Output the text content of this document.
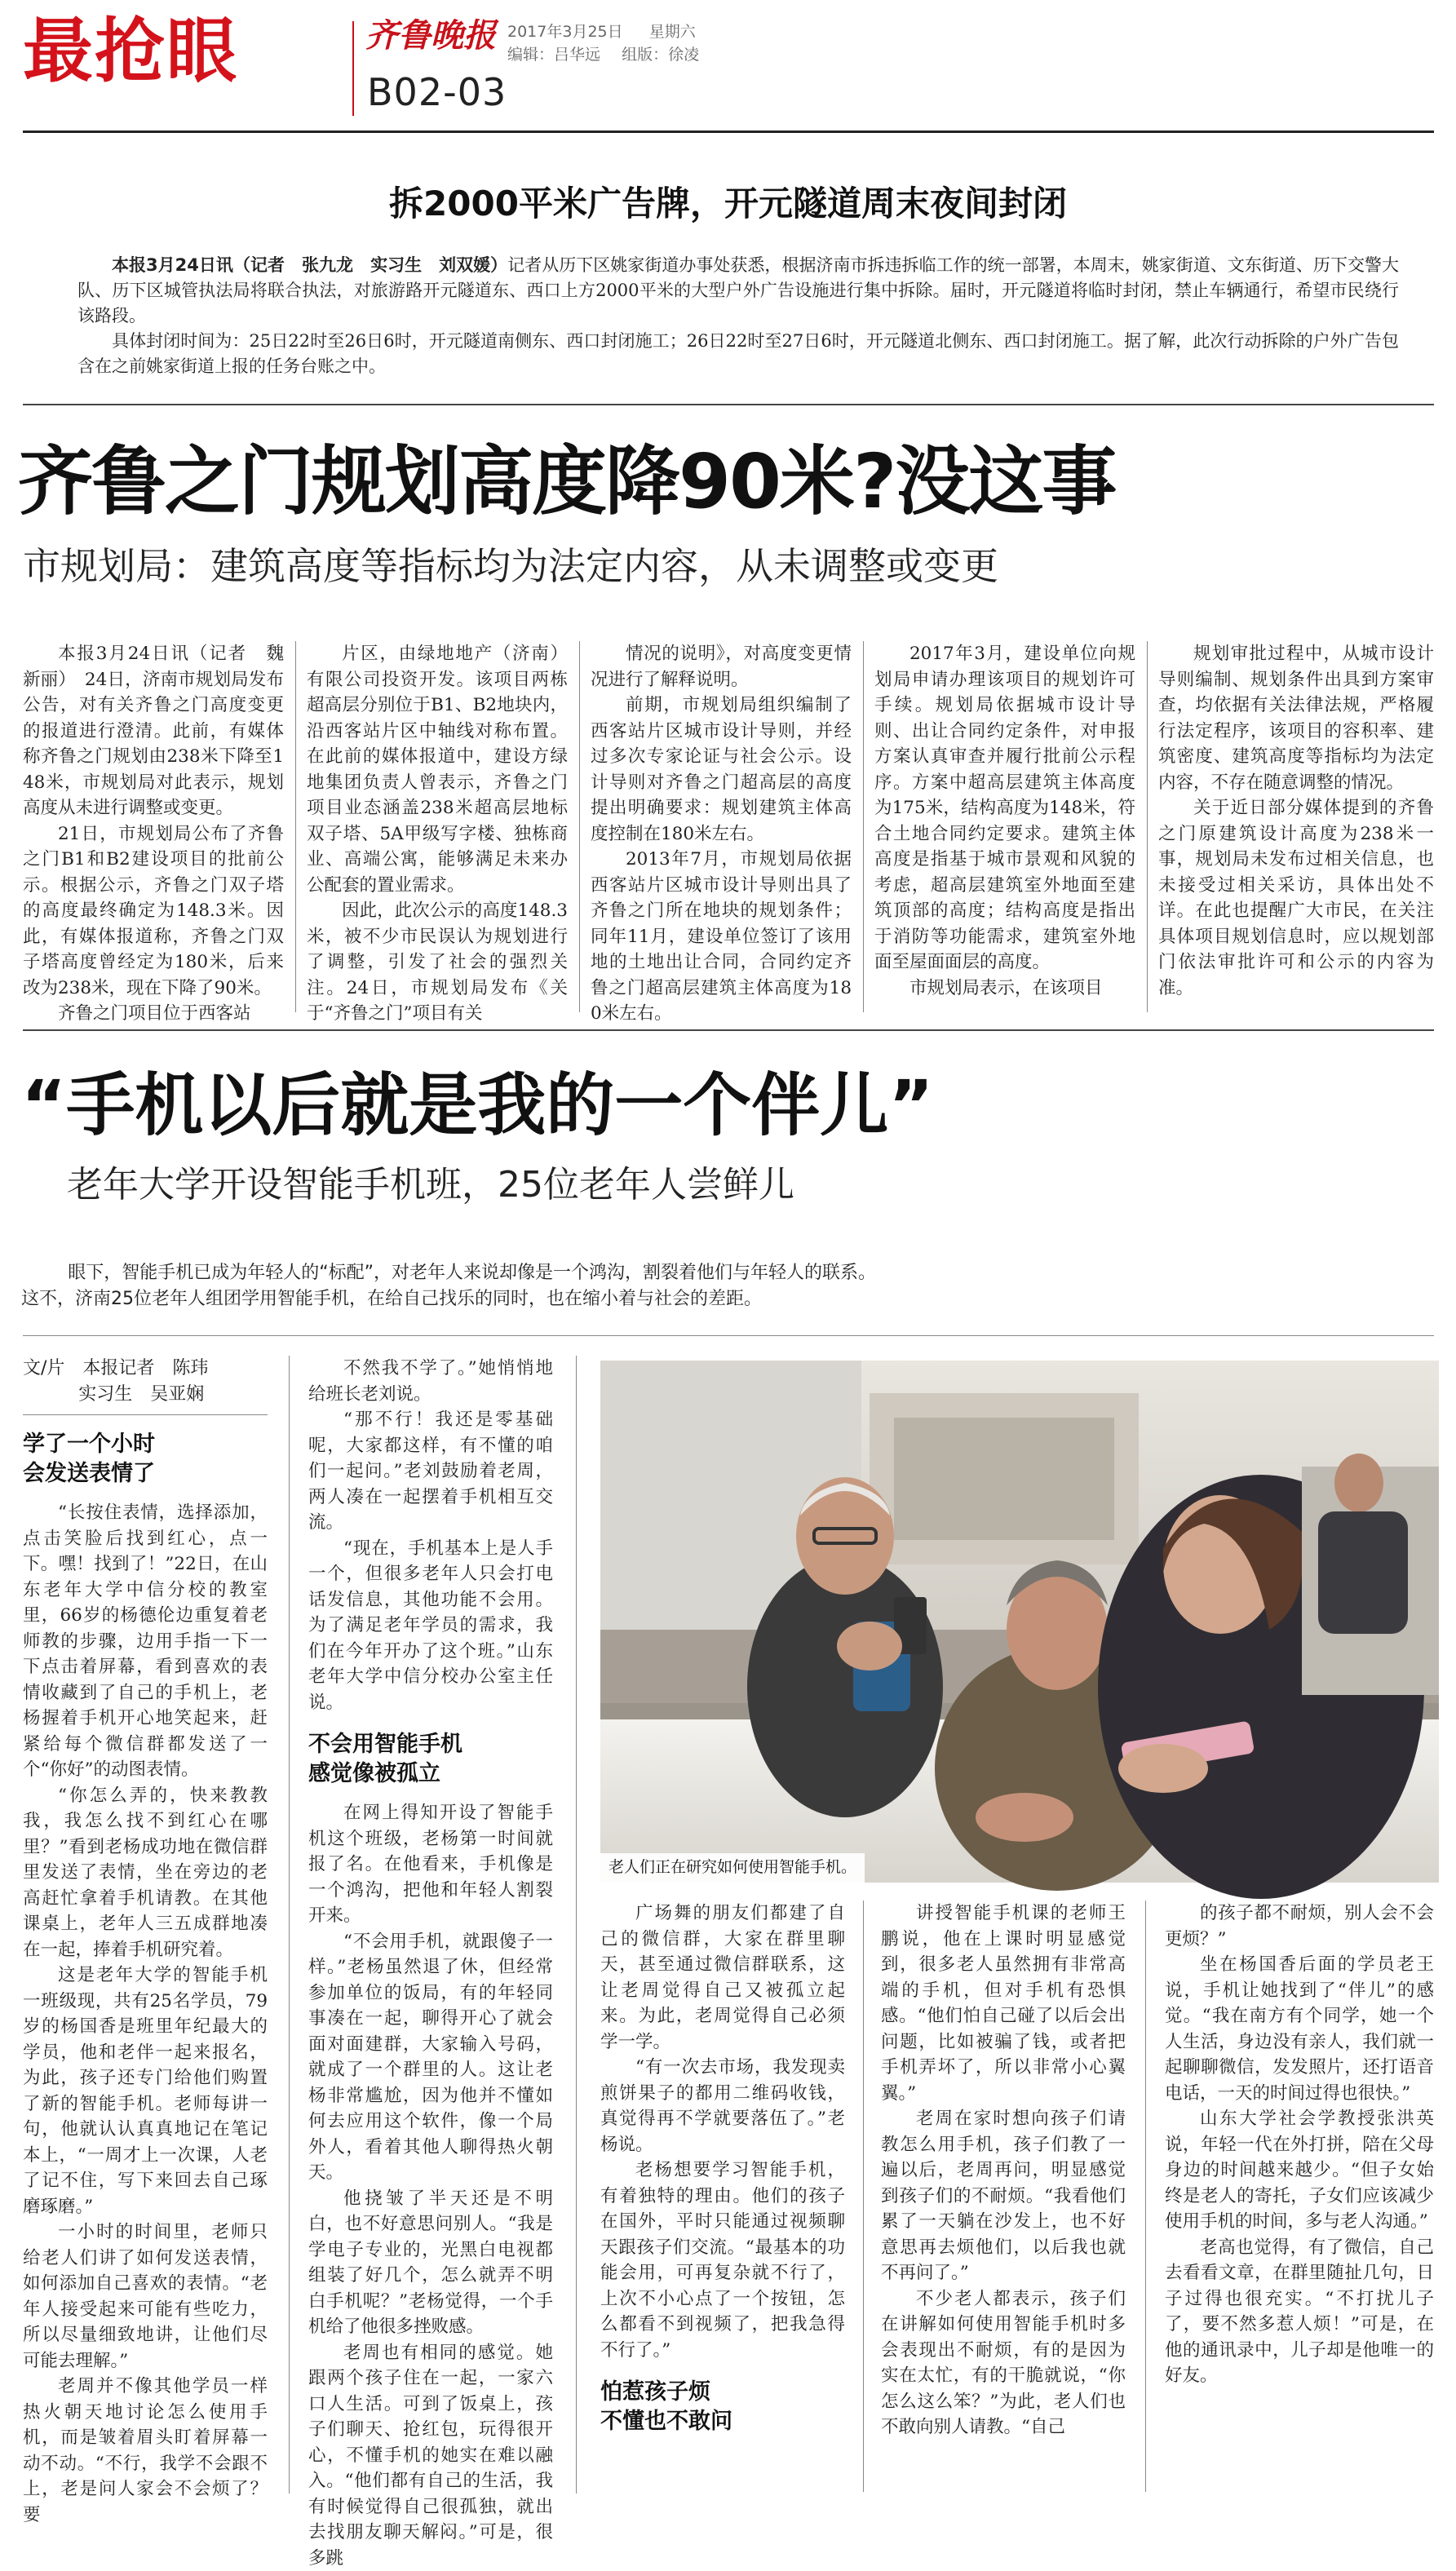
最抢眼	齐鲁晚报 2017年3月25日 星期六
编辑：吕华远 组版：徐凌
B02-03
拆2000平米广告牌，开元隧道周末夜间封闭
本报3月24日讯（记者　张九龙　实习生　刘双媛）记者从历下区姚家街道办事处获悉，根据济南市拆违拆临工作的统一部署，本周末，姚家街道、文东街道、历下交警大队、历下区城管执法局将联合执法，对旅游路开元隧道东、西口上方2000平米的大型户外广告设施进行集中拆除。届时，开元隧道将临时封闭，禁止车辆通行，希望市民绕行该路段。
具体封闭时间为：25日22时至26日6时，开元隧道南侧东、西口封闭施工；26日22时至27日6时，开元隧道北侧东、西口封闭施工。据了解，此次行动拆除的户外广告包含在之前姚家街道上报的任务台账之中。
齐鲁之门规划高度降90米?没这事
市规划局：建筑高度等指标均为法定内容，从未调整或变更

本报3月24日讯（记者　魏新丽）　24日，济南市规划局发布公告，对有关齐鲁之门高度变更的报道进行澄清。此前，有媒体称齐鲁之门规划由238米下降至148米，市规划局对此表示，规划高度从未进行调整或变更。

21日，市规划局公布了齐鲁之门B1和B2建设项目的批前公示。根据公示，齐鲁之门双子塔的高度最终确定为148.3米。因此，有媒体报道称，齐鲁之门双子塔高度曾经定为180米，后来改为238米，现在下降了90米。

齐鲁之门项目位于西客站

片区，由绿地地产（济南）有限公司投资开发。该项目两栋超高层分别位于B1、B2地块内，沿西客站片区中轴线对称布置。在此前的媒体报道中，建设方绿地集团负责人曾表示，齐鲁之门项目业态涵盖238米超高层地标双子塔、5A甲级写字楼、独栋商业、高端公寓，能够满足未来办公配套的置业需求。

因此，此次公示的高度148.3米，被不少市民误认为规划进行了调整，引发了社会的强烈关注。24日，市规划局发布《关于“齐鲁之门”项目有关

情况的说明》，对高度变更情况进行了解释说明。

前期，市规划局组织编制了西客站片区城市设计导则，并经过多次专家论证与社会公示。设计导则对齐鲁之门超高层的高度提出明确要求：规划建筑主体高度控制在180米左右。

2013年7月，市规划局依据西客站片区城市设计导则出具了齐鲁之门所在地块的规划条件；同年11月，建设单位签订了该用地的土地出让合同，合同约定齐鲁之门超高层建筑主体高度为180米左右。

2017年3月，建设单位向规划局申请办理该项目的规划许可手续。规划局依据城市设计导则、出让合同约定条件，对申报方案认真审查并履行批前公示程序。方案中超高层建筑主体高度为175米，结构高度为148米，符合土地合同约定要求。建筑主体高度是指基于城市景观和风貌的考虑，超高层建筑室外地面至建筑顶部的高度；结构高度是指出于消防等功能需求，建筑室外地面至屋面面层的高度。

市规划局表示，在该项目

规划审批过程中，从城市设计导则编制、规划条件出具到方案审查，均依据有关法律法规，严格履行法定程序，该项目的容积率、建筑密度、建筑高度等指标均为法定内容，不存在随意调整的情况。

关于近日部分媒体提到的齐鲁之门原建筑设计高度为238米一事，规划局未发布过相关信息，也未接受过相关采访，具体出处不详。在此也提醒广大市民，在关注具体项目规划信息时，应以规划部门依法审批许可和公示的内容为准。

“手机以后就是我的一个伴儿”
老年大学开设智能手机班，25位老年人尝鲜儿
眼下，智能手机已成为年轻人的“标配”，对老年人来说却像是一个鸿沟，割裂着他们与年轻人的联系。这不，济南25位老年人组团学用智能手机，在给自己找乐的同时，也在缩小着与社会的差距。
文/片　本报记者　陈玮
实习生　吴亚娴
学了一个小时
会发送表情了

“长按住表情，选择添加，点击笑脸后找到红心，点一下。嘿！找到了！”22日，在山东老年大学中信分校的教室里，66岁的杨德伦边重复着老师教的步骤，边用手指一下一下点击着屏幕，看到喜欢的表情收藏到了自己的手机上，老杨握着手机开心地笑起来，赶紧给每个微信群都发送了一个“你好”的动图表情。

“你怎么弄的，快来教教我，我怎么找不到红心在哪里？”看到老杨成功地在微信群里发送了表情，坐在旁边的老高赶忙拿着手机请教。在其他课桌上，老年人三五成群地凑在一起，捧着手机研究着。

这是老年大学的智能手机一班级现，共有25名学员，79岁的杨国香是班里年纪最大的学员，他和老伴一起来报名，为此，孩子还专门给他们购置了新的智能手机。老师每讲一句，他就认认真真地记在笔记本上，“一周才上一次课，人老了记不住，写下来回去自己琢磨琢磨。”

一小时的时间里，老师只给老人们讲了如何发送表情，如何添加自己喜欢的表情。“老年人接受起来可能有些吃力，所以尽量细致地讲，让他们尽可能去理解。”

老周并不像其他学员一样热火朝天地讨论怎么使用手机，而是皱着眉头盯着屏幕一动不动。“不行，我学不会跟不上，老是问人家会不会烦了？要

不然我不学了。”她悄悄地给班长老刘说。

“那不行！我还是零基础呢，大家都这样，有不懂的咱们一起问。”老刘鼓励着老周，两人凑在一起摆着手机相互交流。

“现在，手机基本上是人手一个，但很多老年人只会打电话发信息，其他功能不会用。为了满足老年学员的需求，我们在今年开办了这个班。”山东老年大学中信分校办公室主任说。

不会用智能手机
感觉像被孤立

在网上得知开设了智能手机这个班级，老杨第一时间就报了名。在他看来，手机像是一个鸿沟，把他和年轻人割裂开来。

“不会用手机，就跟傻子一样。”老杨虽然退了休，但经常参加单位的饭局，有的年轻同事凑在一起，聊得开心了就会面对面建群，大家输入号码，就成了一个群里的人。这让老杨非常尴尬，因为他并不懂如何去应用这个软件，像一个局外人，看着其他人聊得热火朝天。

他挠皱了半天还是不明白，也不好意思问别人。“我是学电子专业的，光黑白电视都组装了好几个，怎么就弄不明白手机呢？”老杨觉得，一个手机给了他很多挫败感。

老周也有相同的感觉。她跟两个孩子住在一起，一家六口人生活。可到了饭桌上，孩子们聊天、抢红包，玩得很开心，不懂手机的她实在难以融入。“他们都有自己的生活，我有时候觉得自己很孤独，就出去找朋友聊天解闷。”可是，很多跳

老人们正在研究如何使用智能手机。

广场舞的朋友们都建了自己的微信群，大家在群里聊天，甚至通过微信群联系，这让老周觉得自己又被孤立起来。为此，老周觉得自己必须学一学。

“有一次去市场，我发现卖煎饼果子的都用二维码收钱，真觉得再不学就要落伍了。”老杨说。

老杨想要学习智能手机，有着独特的理由。他们的孩子在国外，平时只能通过视频聊天跟孩子们交流。“最基本的功能会用，可再复杂就不行了，上次不小心点了一个按钮，怎么都看不到视频了，把我急得不行了。”

怕惹孩子烦
不懂也不敢问

讲授智能手机课的老师王鹏说，他在上课时明显感觉到，很多老人虽然拥有非常高端的手机，但对手机有恐惧感。“他们怕自己碰了以后会出问题，比如被骗了钱，或者把手机弄坏了，所以非常小心翼翼。”

老周在家时想向孩子们请教怎么用手机，孩子们教了一遍以后，老周再问，明显感觉到孩子们的不耐烦。“我看他们累了一天躺在沙发上，也不好意思再去烦他们，以后我也就不再问了。”

不少老人都表示，孩子们在讲解如何使用智能手机时多会表现出不耐烦，有的是因为实在太忙，有的干脆就说，“你怎么这么笨？”为此，老人们也不敢向别人请教。“自己

的孩子都不耐烦，别人会不会更烦？”

坐在杨国香后面的学员老王说，手机让她找到了“伴儿”的感觉。“我在南方有个同学，她一个人生活，身边没有亲人，我们就一起聊聊微信，发发照片，还打语音电话，一天的时间过得也很快。”

山东大学社会学教授张洪英说，年轻一代在外打拼，陪在父母身边的时间越来越少。“但子女始终是老人的寄托，子女们应该减少使用手机的时间，多与老人沟通。”

老高也觉得，有了微信，自己去看看文章，在群里随扯几句，日子过得也很充实。“不打扰儿子了，要不然多惹人烦！”可是，在他的通讯录中，儿子却是他唯一的好友。
